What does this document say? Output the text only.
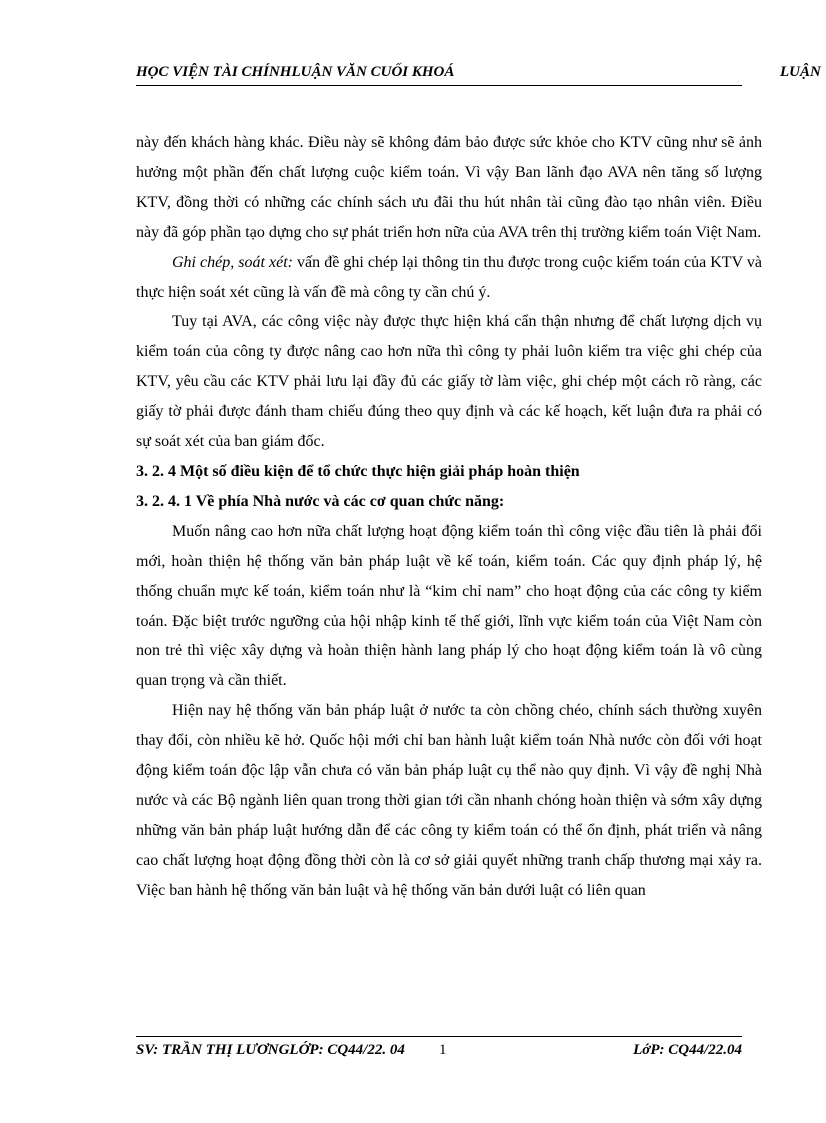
HỌC VIỆN TÀI CHÍNHLUẬN VĂN CUỐI KHOÁ	LUẬN

này đến khách hàng khác. Điều này sẽ không đảm bảo được sức khỏe cho KTV cũng như sẽ ảnh hưởng một phần đến chất lượng cuộc kiểm toán. Vì vậy Ban lãnh đạo AVA nên tăng số lượng KTV, đồng thời có những các chính sách ưu đãi thu hút nhân tài cũng đào tạo nhân viên. Điều này đã góp phần tạo dựng cho sự phát triển hơn nữa của AVA trên thị trường kiểm toán Việt Nam.

Ghi chép, soát xét: vấn đề ghi chép lại thông tin thu được trong cuộc kiểm toán của KTV và thực hiện soát xét cũng là vấn đề mà công ty cần chú ý.

Tuy tại AVA, các công việc này được thực hiện khá cẩn thận nhưng để chất lượng dịch vụ kiểm toán của công ty được nâng cao hơn nữa thì công ty phải luôn kiểm tra việc ghi chép của KTV, yêu cầu các KTV phải lưu lại đầy đủ các giấy tờ làm việc, ghi chép một cách rõ ràng, các giấy tờ phải được đánh tham chiếu đúng theo quy định và các kế hoạch, kết luận đưa ra phải có sự soát xét của ban giám đốc.

3. 2. 4 Một số điều kiện để tổ chức thực hiện giải pháp hoàn thiện

3. 2. 4. 1 Về phía Nhà nước và các cơ quan chức năng:

Muốn nâng cao hơn nữa chất lượng hoạt động kiểm toán thì công việc đầu tiên là phải đổi mới, hoàn thiện hệ thống văn bản pháp luật về kế toán, kiểm toán. Các quy định pháp lý, hệ thống chuẩn mực kế toán, kiểm toán như là “kim chỉ nam” cho hoạt động của các công ty kiểm toán. Đặc biệt trước ngưỡng của hội nhập kinh tế thế giới, lĩnh vực kiểm toán của Việt Nam còn non trẻ thì việc xây dựng và hoàn thiện hành lang pháp lý cho hoạt động kiểm toán là vô cùng quan trọng và cần thiết.

Hiện nay hệ thống văn bản pháp luật ở nước ta còn chồng chéo, chính sách thường xuyên thay đổi, còn nhiều kẽ hở. Quốc hội mới chỉ ban hành luật kiểm toán Nhà nước còn đối với hoạt động kiểm toán độc lập vẫn chưa có văn bản pháp luật cụ thể nào quy định. Vì vậy đề nghị Nhà nước và các Bộ ngành liên quan trong thời gian tới cần nhanh chóng hoàn thiện và sớm xây dựng những văn bản pháp luật hướng dẫn để các công ty kiểm toán có thể ổn định, phát triển và nâng cao chất lượng hoạt động đồng thời còn là cơ sở giải quyết những tranh chấp thương mại xảy ra. Việc ban hành hệ thống văn bản luật và hệ thống văn bản dưới luật có liên quan

SV: TRẦN THỊ LƯƠNGLỚP: CQ44/22. 04 1	LớP: CQ44/22.04
